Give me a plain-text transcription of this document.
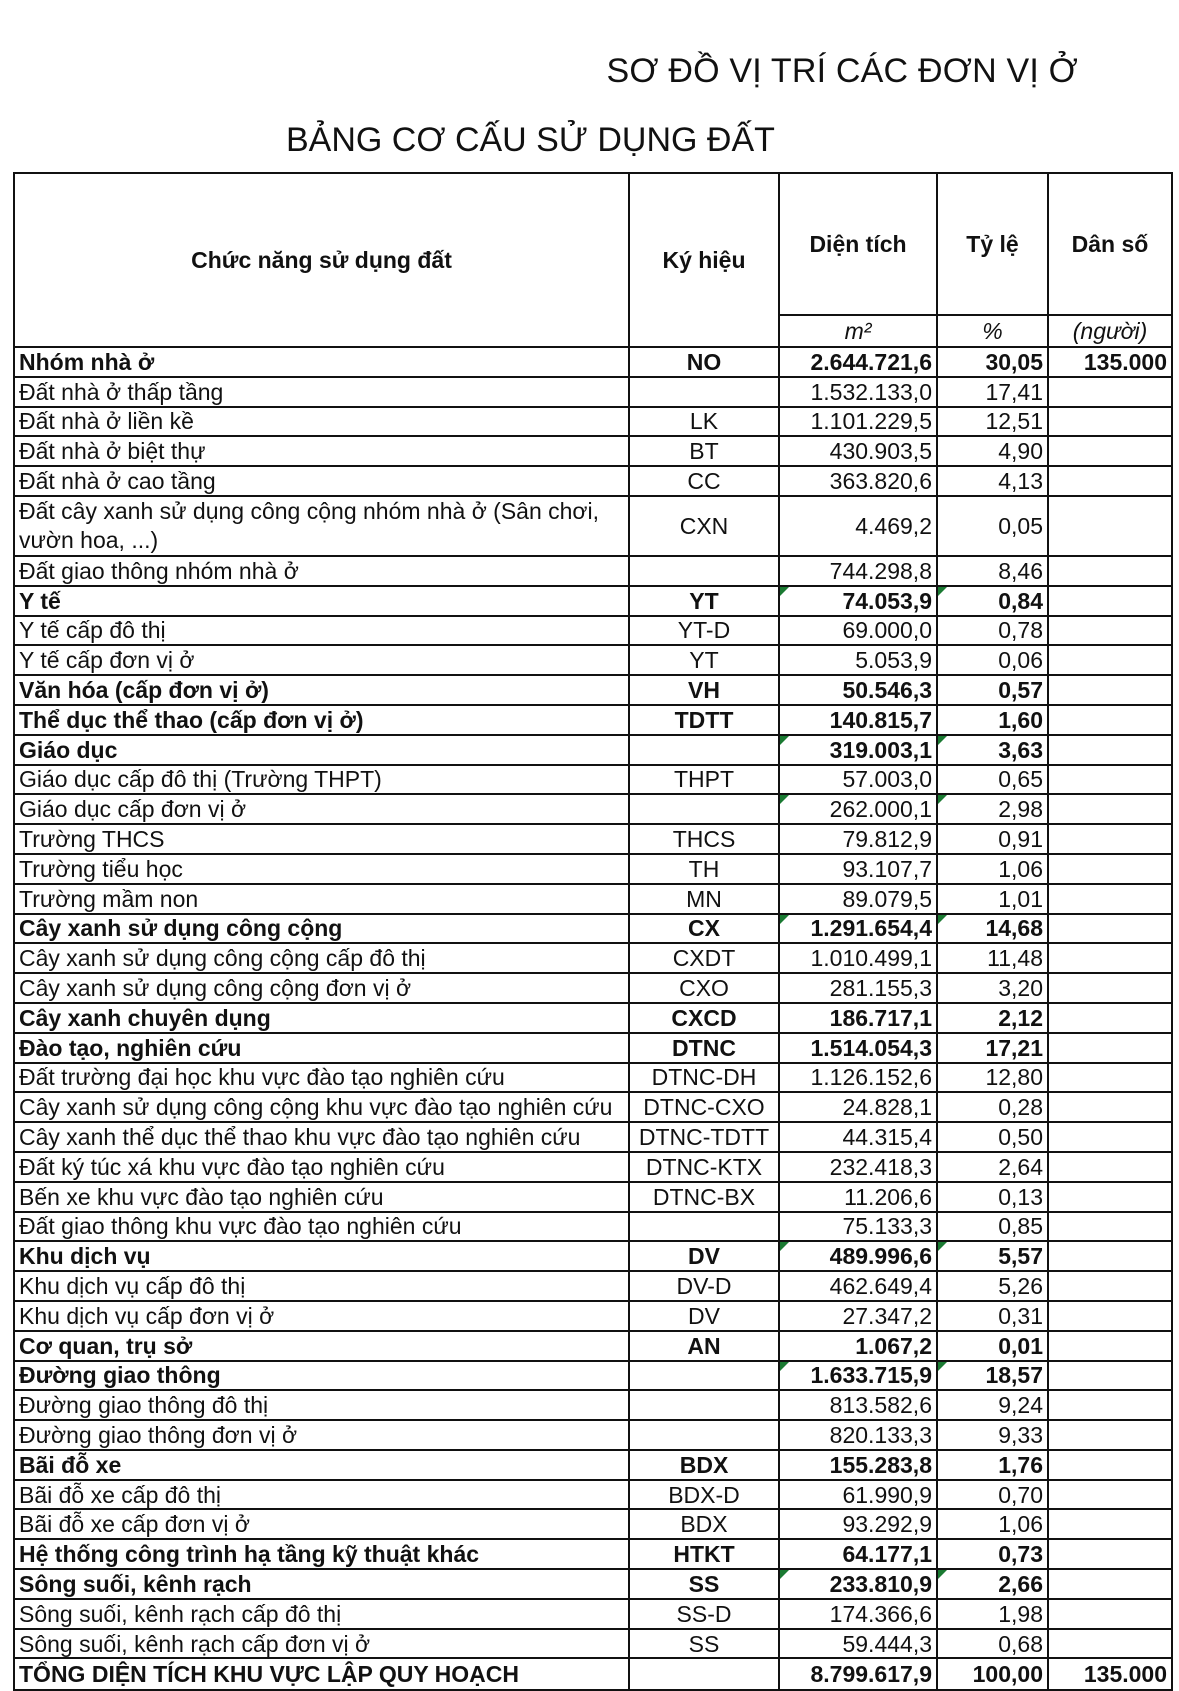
SƠ ĐỒ VỊ TRÍ CÁC ĐƠN VỊ Ở
BẢNG CƠ CẤU SỬ DỤNG ĐẤT
Chức năng sử dụng đất	Ký hiệu	Diện tích	Tỷ lệ	Dân số
		m²	%	(người)
Nhóm nhà ở	NO	2.644.721,6	30,05	135.000
Đất nhà ở thấp tầng		1.532.133,0	17,41	
Đất nhà ở liền kề	LK	1.101.229,5	12,51	
Đất nhà ở biệt thự	BT	430.903,5	4,90	
Đất nhà ở cao tầng	CC	363.820,6	4,13	

Đất cây xanh sử dụng công cộng nhóm nhà ở (Sân chơi, vườn hoa, ...)	CXN	4.469,2	0,05	
Đất giao thông nhóm nhà ở		744.298,8	8,46	
Y tế	YT	74.053,9	0,84	
Y tế cấp đô thị	YT-D	69.000,0	0,78	
Y tế cấp đơn vị ở	YT	5.053,9	0,06	
Văn hóa (cấp đơn vị ở)	VH	50.546,3	0,57	
Thể dục thể thao (cấp đơn vị ở)	TDTT	140.815,7	1,60	
Giáo dục		319.003,1	3,63	
Giáo dục cấp đô thị (Trường THPT)	THPT	57.003,0	0,65	
Giáo dục cấp đơn vị ở		262.000,1	2,98	
Trường THCS	THCS	79.812,9	0,91	
Trường tiểu học	TH	93.107,7	1,06	
Trường mầm non	MN	89.079,5	1,01	
Cây xanh sử dụng công cộng	CX	1.291.654,4	14,68	
Cây xanh sử dụng công cộng cấp đô thị	CXDT	1.010.499,1	11,48	
Cây xanh sử dụng công cộng đơn vị ở	CXO	281.155,3	3,20	
Cây xanh chuyên dụng	CXCD	186.717,1	2,12	
Đào tạo, nghiên cứu	DTNC	1.514.054,3	17,21	
Đất trường đại học khu vực đào tạo nghiên cứu	DTNC-DH	1.126.152,6	12,80	
Cây xanh sử dụng công cộng khu vực đào tạo nghiên cứu	DTNC-CXO	24.828,1	0,28	
Cây xanh thể dục thể thao khu vực đào tạo nghiên cứu	DTNC-TDTT	44.315,4	0,50	
Đất ký túc xá khu vực đào tạo nghiên cứu	DTNC-KTX	232.418,3	2,64	
Bến xe khu vực đào tạo nghiên cứu	DTNC-BX	11.206,6	0,13	
Đất giao thông khu vực đào tạo nghiên cứu		75.133,3	0,85	
Khu dịch vụ	DV	489.996,6	5,57	
Khu dịch vụ cấp đô thị	DV-D	462.649,4	5,26	
Khu dịch vụ cấp đơn vị ở	DV	27.347,2	0,31	
Cơ quan, trụ sở	AN	1.067,2	0,01	
Đường giao thông		1.633.715,9	18,57	
Đường giao thông đô thị		813.582,6	9,24	
Đường giao thông đơn vị ở		820.133,3	9,33	
Bãi đỗ xe	BDX	155.283,8	1,76	
Bãi đỗ xe cấp đô thị	BDX-D	61.990,9	0,70	
Bãi đỗ xe cấp đơn vị ở	BDX	93.292,9	1,06	
Hệ thống công trình hạ tầng kỹ thuật khác	HTKT	64.177,1	0,73	
Sông suối, kênh rạch	SS	233.810,9	2,66	
Sông suối, kênh rạch cấp đô thị	SS-D	174.366,6	1,98	
Sông suối, kênh rạch cấp đơn vị ở	SS	59.444,3	0,68	
TỔNG DIỆN TÍCH KHU VỰC LẬP QUY HOẠCH		8.799.617,9	100,00	135.000
